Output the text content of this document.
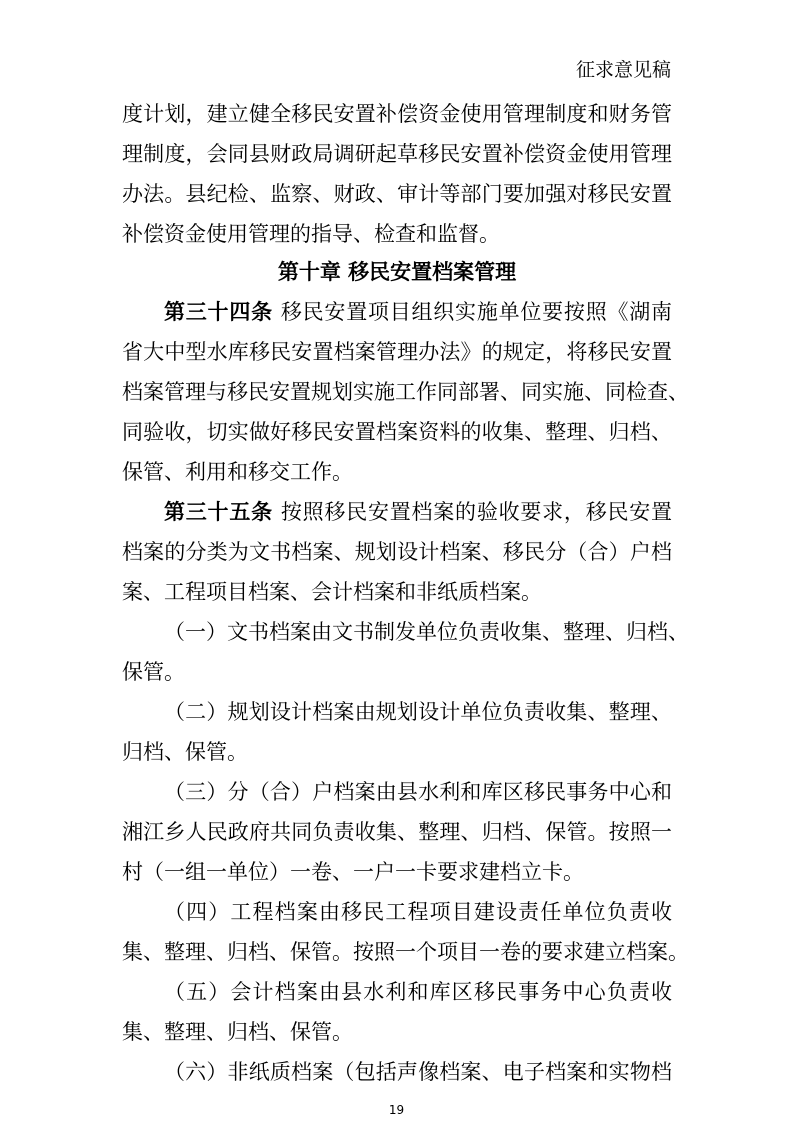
征求意见稿

度计划，建立健全移民安置补偿资金使用管理制度和财务管

理制度，会同县财政局调研起草移民安置补偿资金使用管理

办法。县纪检、监察、财政、审计等部门要加强对移民安置

补偿资金使用管理的指导、检查和监督。

第十章 移民安置档案管理

第三十四条 移民安置项目组织实施单位要按照《湖南

省大中型水库移民安置档案管理办法》的规定，将移民安置

档案管理与移民安置规划实施工作同部署、同实施、同检查、

同验收，切实做好移民安置档案资料的收集、整理、归档、

保管、利用和移交工作。

第三十五条 按照移民安置档案的验收要求，移民安置

档案的分类为文书档案、规划设计档案、移民分（合）户档

案、工程项目档案、会计档案和非纸质档案。

（一）文书档案由文书制发单位负责收集、整理、归档、

保管。

（二）规划设计档案由规划设计单位负责收集、整理、

归档、保管。

（三）分（合）户档案由县水利和库区移民事务中心和

湘江乡人民政府共同负责收集、整理、归档、保管。按照一

村（一组一单位）一卷、一户一卡要求建档立卡。

（四）工程档案由移民工程项目建设责任单位负责收

集、整理、归档、保管。按照一个项目一卷的要求建立档案。

（五）会计档案由县水利和库区移民事务中心负责收

集、整理、归档、保管。

（六）非纸质档案（包括声像档案、电子档案和实物档

19
